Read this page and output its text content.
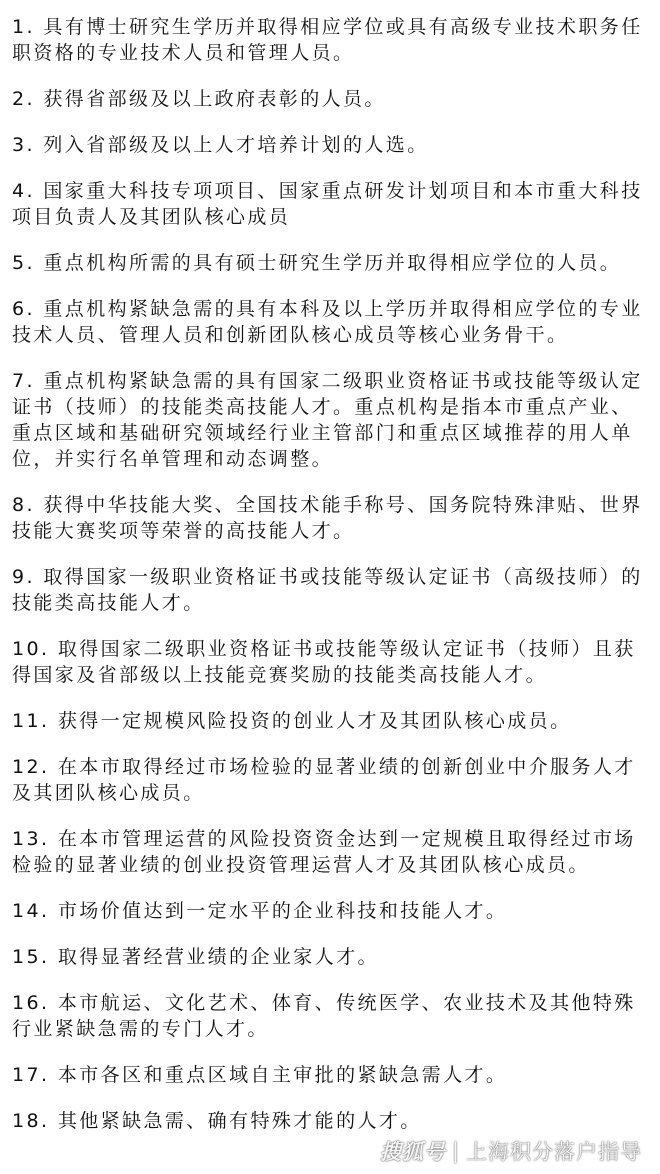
1. 具有博士研究生学历并取得相应学位或具有高级专业技术职务任职资格的专业技术人员和管理人员。

2. 获得省部级及以上政府表彰的人员。

3. 列入省部级及以上人才培养计划的人选。

4. 国家重大科技专项项目、国家重点研发计划项目和本市重大科技项目负责人及其团队核心成员

5. 重点机构所需的具有硕士研究生学历并取得相应学位的人员。

6. 重点机构紧缺急需的具有本科及以上学历并取得相应学位的专业技术人员、管理人员和创新团队核心成员等核心业务骨干。

7. 重点机构紧缺急需的具有国家二级职业资格证书或技能等级认定证书（技师）的技能类高技能人才。重点机构是指本市重点产业、重点区域和基础研究领域经行业主管部门和重点区域推荐的用人单位，并实行名单管理和动态调整。

8. 获得中华技能大奖、全国技术能手称号、国务院特殊津贴、世界技能大赛奖项等荣誉的高技能人才。

9. 取得国家一级职业资格证书或技能等级认定证书（高级技师）的技能类高技能人才。

10. 取得国家二级职业资格证书或技能等级认定证书（技师）且获得国家及省部级以上技能竞赛奖励的技能类高技能人才。

11. 获得一定规模风险投资的创业人才及其团队核心成员。

12. 在本市取得经过市场检验的显著业绩的创新创业中介服务人才及其团队核心成员。

13. 在本市管理运营的风险投资资金达到一定规模且取得经过市场检验的显著业绩的创业投资管理运营人才及其团队核心成员。

14. 市场价值达到一定水平的企业科技和技能人才。

15. 取得显著经营业绩的企业家人才。

16. 本市航运、文化艺术、体育、传统医学、农业技术及其他特殊行业紧缺急需的专门人才。

17. 本市各区和重点区域自主审批的紧缺急需人才。

18. 其他紧缺急需、确有特殊才能的人才。

搜狐号 | 上海积分落户指导
